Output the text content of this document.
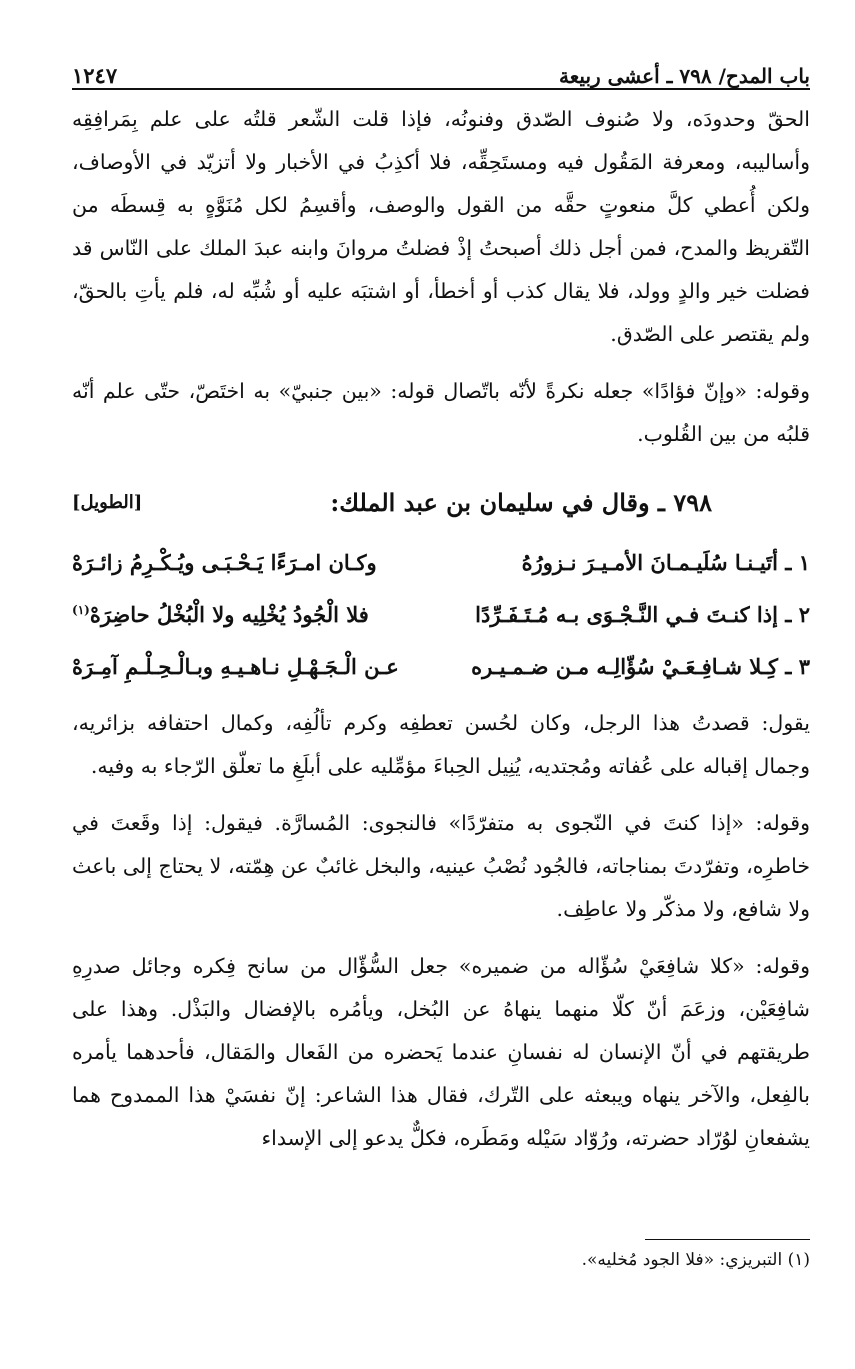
باب المدح/ ٧٩٨ ـ أعشى ربيعة
١٢٤٧

الحقّ وحدودَه، ولا صُنوف الصّدق وفنونُه، فإذا قلت الشّعر قلتُه على علم بِمَرافِقِه وأساليبه، ومعرفة المَقُول فيه ومستَحِقِّه، فلا أكذِبُ في الأخبار ولا أتزيّد في الأوصاف، ولكن أُعطي كلَّ منعوتٍ حقَّه من القول والوصف، وأقسِمُ لكل مُنَوَّهٍ به قِسطَه من التّقريظ والمدح، فمن أجل ذلك أصبحتُ إذْ فضلتُ مروانَ وابنه عبدَ الملك على النّاس قد فضلت خير والدٍ وولد، فلا يقال كذب أو أخطأ، أو اشتبَه عليه أو شُبِّه له، فلم يأتِ بالحقّ، ولم يقتصر على الصّدق.

وقوله: «وإنّ فؤادًا» جعله نكرةً لأنّه باتّصال قوله: «بين جنبيّ» به اختَصّ، حتّى علم أنّه قلبُه من بين القُلوب.

٧٩٨ ـ وقال في سليمان بن عبد الملك:
[الطويل]
١ ـ أتَيـنـا سُلَيـمـانَ الأمـيـرَ نـزورُهُ
وكـان امـرَءًا يَـحْـبَـى ويُـكْـرِمُ زائـرَهْ
٢ ـ إذا كنـتَ فـي النَّـجْـوَى بـه مُـتَـفَـرِّدًا
فلا الْجُودُ يُخْلِيه ولا الْبُخْلُ حاضِرَهْ$^{(١)}$
٣ ـ كِـلا شـافِـعَـيْ سُؤّالِـه مـن ضـمـيـره
عـن الْـجَـهْـلِ نـاهـيـهِ وبـالْـحِـلْـمِ آمِـرَهْ

يقول: قصدتُ هذا الرجل، وكان لحُسن تعطفِه وكرم تألُفِه، وكمال احتفافه بزائريه، وجمال إقباله على عُفاته ومُجتديه، يُنِيل الحِباءَ مؤمِّليه على أبلَغِ ما تعلّق الرّجاء به وفيه.

وقوله: «إذا كنتَ في النّجوى به متفرّدًا» فالنجوى: المُسارَّة. فيقول: إذا وقَعتَ في خاطرِه، وتفرّدتَ بمناجاته، فالجُود نُصْبُ عينيه، والبخل غائبٌ عن هِمّته، لا يحتاج إلى باعث ولا شافع، ولا مذكّر ولا عاطِف.

وقوله: «كلا شافِعَيْ سُؤّاله من ضميره» جعل السُّؤّال من سانح فِكره وجائل صدرِهِ شافِعَيْن، وزعَمَ أنّ كلّا منهما ينهاهُ عن البُخل، ويأمُره بالإفضال والبَذْل. وهذا على طريقتهم في أنّ الإنسان له نفسانِ عندما يَحضره من الفَعال والمَقال، فأحدهما يأمره بالفِعل، والآخر ينهاه ويبعثه على التّرك، فقال هذا الشاعر: إنّ نفسَيْ هذا الممدوح هما يشفعانِ لوُرّاد حضرته، ورُوّاد سَيْله ومَطَره، فكلٌّ يدعو إلى الإسداء

(١) التبريزي: «فلا الجود مُخليه».
